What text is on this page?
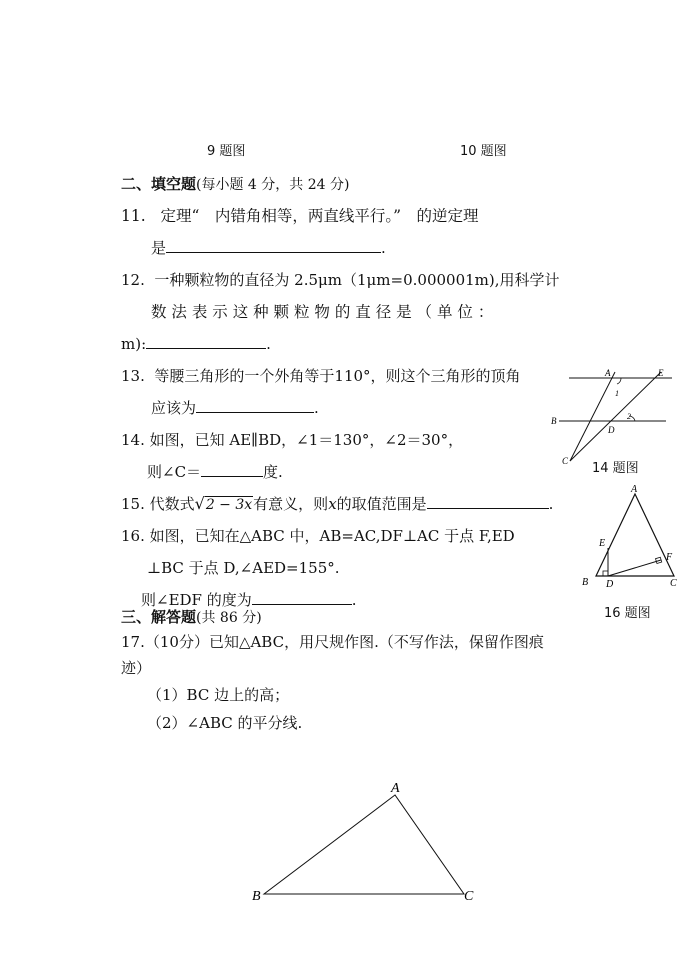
9 题图	10 题图
二、填空题(每小题 4 分，共 24 分)
11. 定理“　内错角相等，两直线平行。”　的逆定理
是	.
12. 一种颗粒物的直径为 2.5μm（1μm=0.000001m),用科学计
数 法 表 示 这 种 颗 粒 物 的 直 径 是 （ 单 位 ：
m):	.
13. 等腰三角形的一个外角等于110°，则这个三角形的顶角
应该为	.
14. 如图，已知 AE∥BD，∠1＝130°，∠2＝30°，
则∠C＝	度.
15. 代数式√2 − 3x有意义，则x的取值范围是	.
16. 如图，已知在△ABC 中，AB=AC,DF⊥AC 于点 F,ED
⊥BC 于点 D,∠AED=155°.
则∠EDF 的度为	.
三、解答题(共 86 分)
17.（10分）已知△ABC，用尺规作图.（不写作法，保留作图痕
迹）
（1）BC 边上的高；
（2）∠ABC 的平分线.
A	E
B
D
C
1
2
14 题图
A
E
F
B D	C
16 题图
A
B	C
